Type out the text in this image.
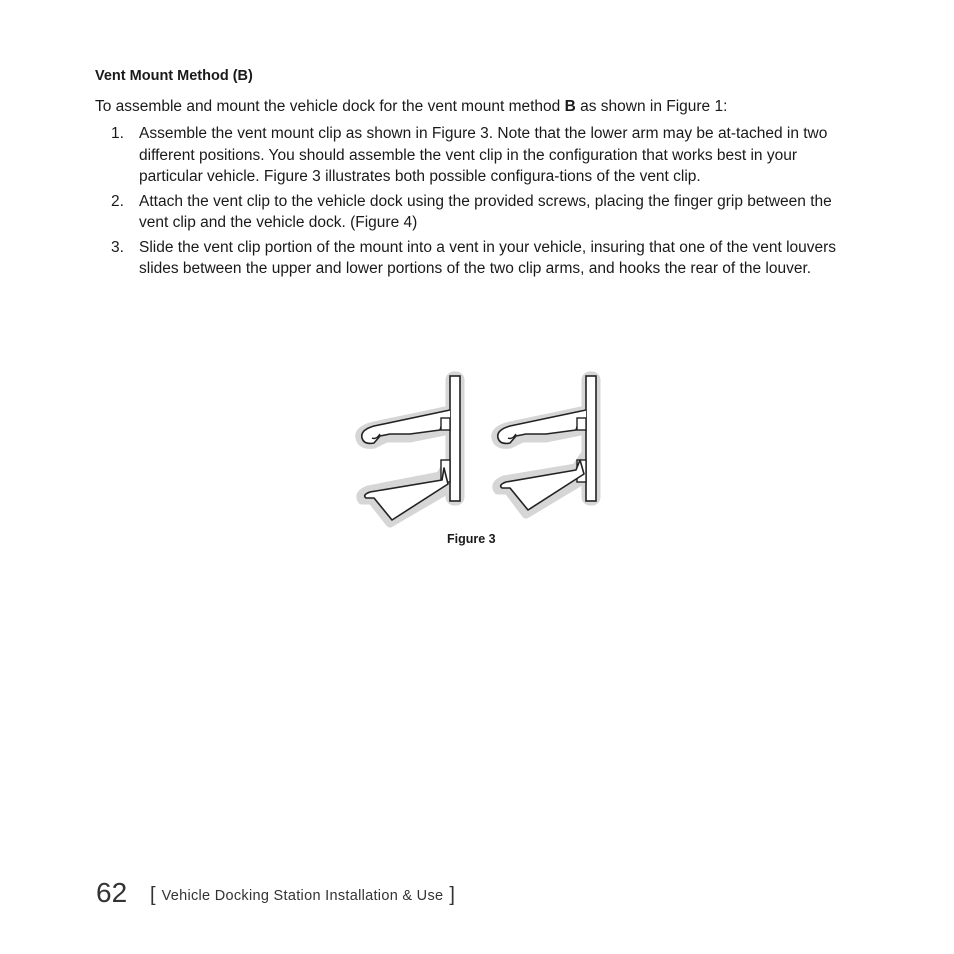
Vent Mount Method (B)
To assemble and mount the vehicle dock for the vent mount method B as shown in Figure 1:
1. Assemble the vent mount clip as shown in Figure 3. Note that the lower arm may be at-tached in two different positions. You should assemble the vent clip in the configuration that works best in your particular vehicle. Figure 3 illustrates both possible configura-tions of the vent clip.
2. Attach the vent clip to the vehicle dock using the provided screws, placing the finger grip between the vent clip and the vehicle dock. (Figure 4)
3. Slide the vent clip portion of the mount into a vent in your vehicle, insuring that one of the vent louvers slides between the upper and lower portions of the two clip arms, and hooks the rear of the louver.
Figure 3
62 [ Vehicle Docking Station Installation & Use ]
